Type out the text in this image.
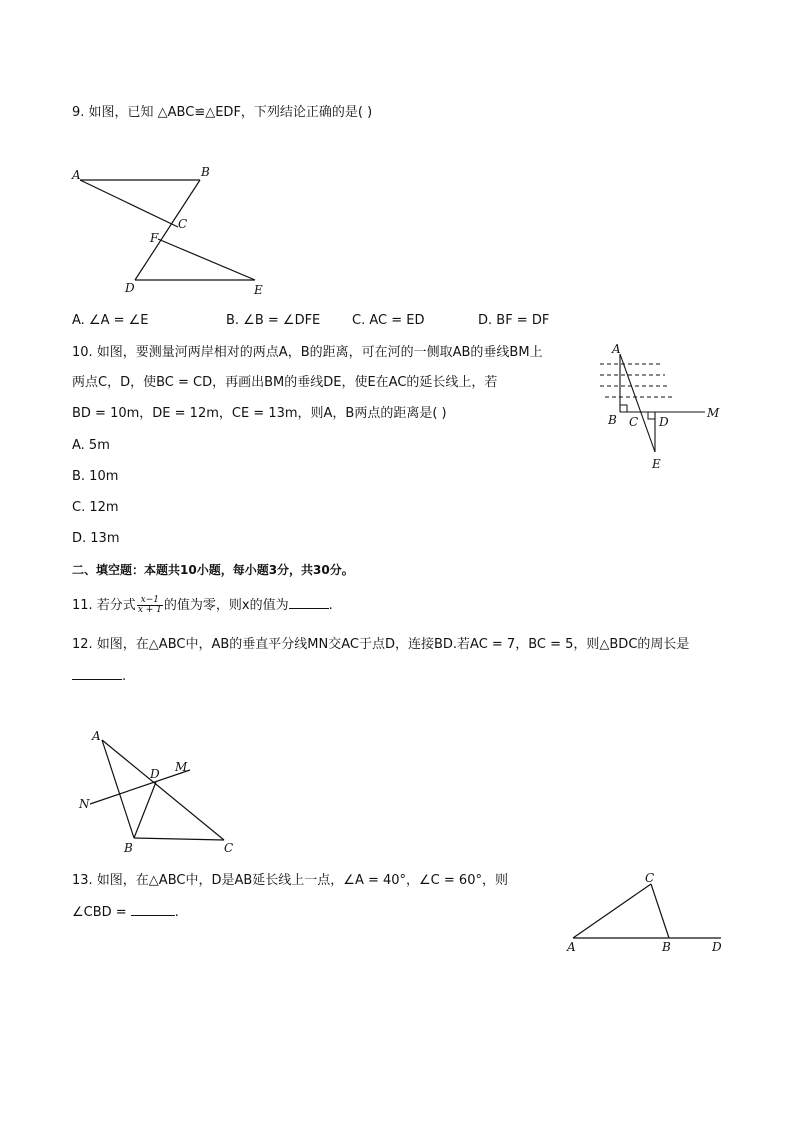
9. 如图，已知 △ABC≌△EDF，下列结论正确的是( )
A	B
C
F
D	E
A. ∠A = ∠E	B. ∠B = ∠DFE C. AC = ED	D. BF = DF
10. 如图，要测量河两岸相对的两点A，B的距离，可在河的一侧取AB的垂线BM上
两点C，D，使BC = CD，再画出BM的垂线DE，使E在AC的延长线上，若
BD = 10m，DE = 12m，CE = 13m，则A，B两点的距离是( )
A
B C D
M
E
A. 5m
B. 10m
C. 12m
D. 13m
二、填空题：本题共10小题，每小题3分，共30分。
11. 若分式 $\frac{x-1}{x + 1}$ 的值为零，则x的值为	.
12. 如图，在△ABC中，AB的垂直平分线MN交AC于点D，连接BD.若AC = 7，BC = 5，则△BDC的周长是
.
A
D M
N
B	C
13. 如图，在△ABC中，D是AB延长线上一点，∠A = 40°，∠C = 60°，则
∠CBD =	.
A
C
B	D
